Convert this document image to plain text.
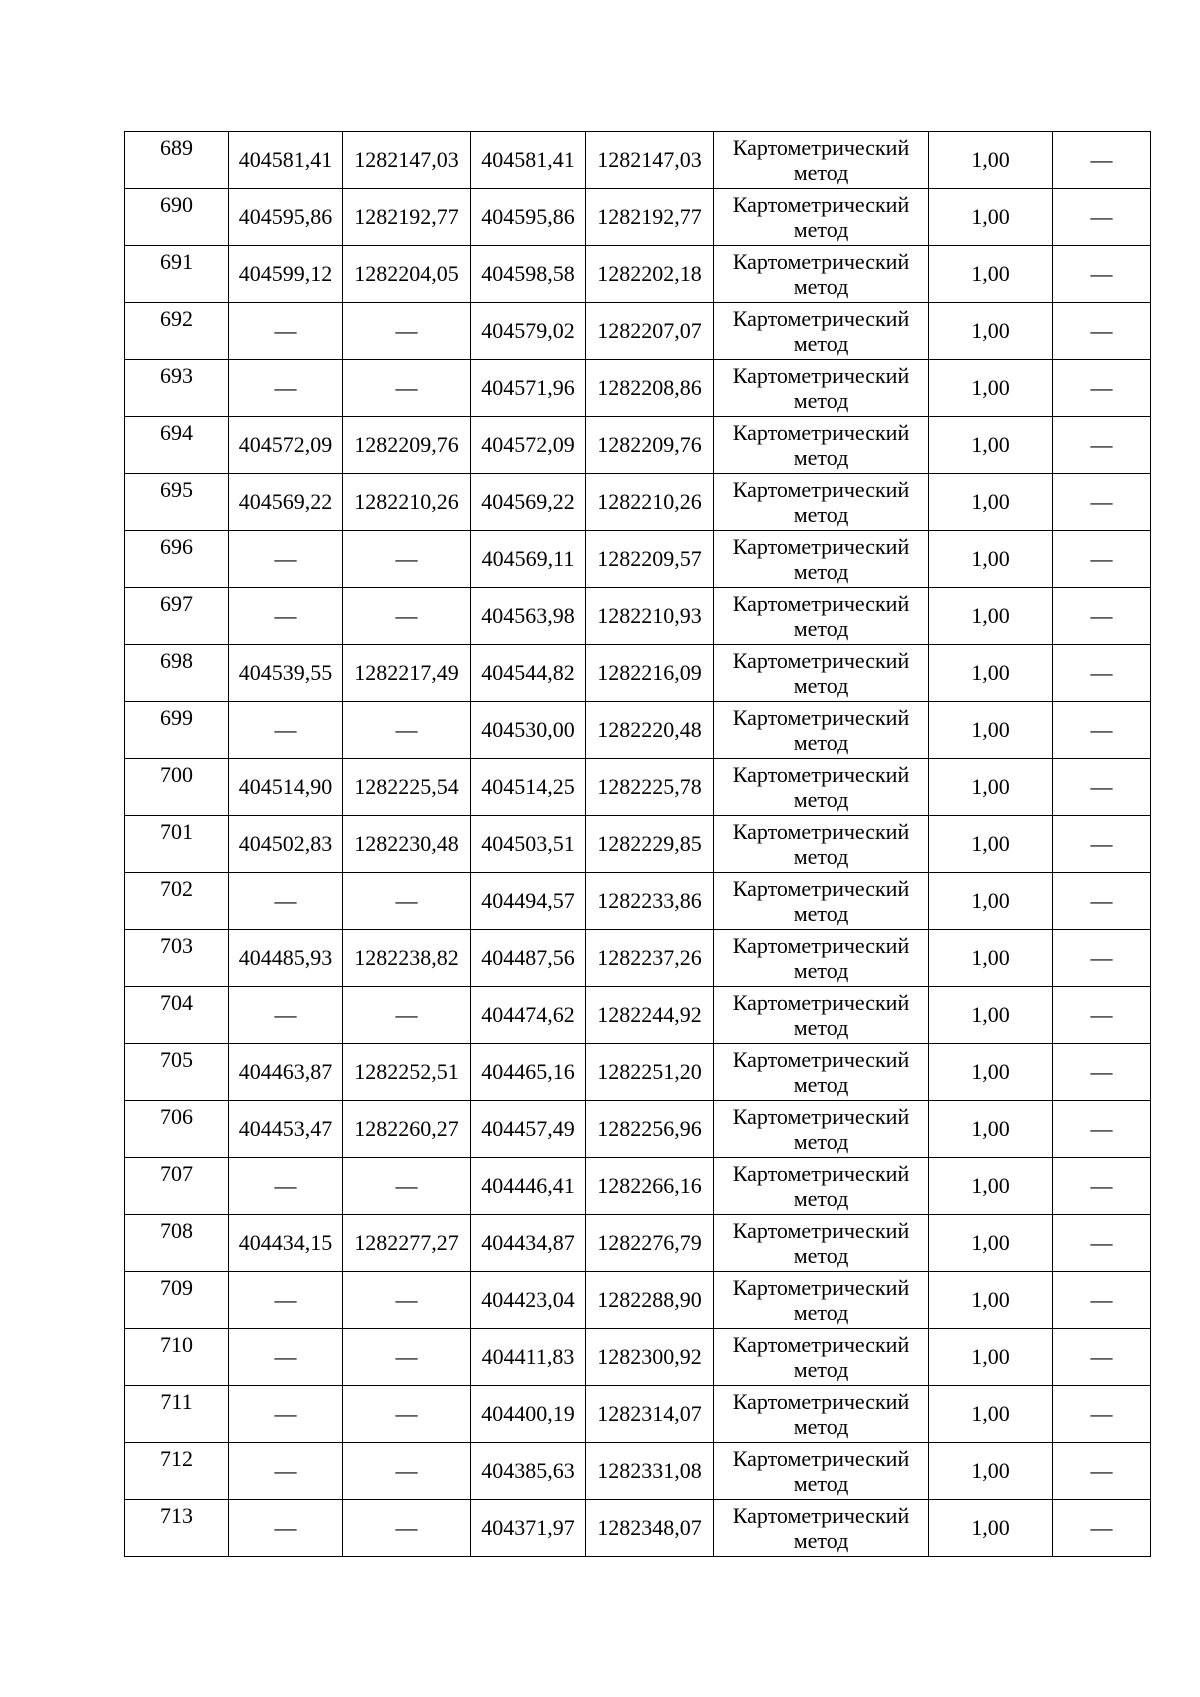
689	404581,41	1282147,03	404581,41	1282147,03	Картометрический
метод	1,00	—
690	404595,86	1282192,77	404595,86	1282192,77	Картометрический
метод	1,00	—
691	404599,12	1282204,05	404598,58	1282202,18	Картометрический
метод	1,00	—
692	—	—	404579,02	1282207,07	Картометрический
метод	1,00	—
693	—	—	404571,96	1282208,86	Картометрический
метод	1,00	—
694	404572,09	1282209,76	404572,09	1282209,76	Картометрический
метод	1,00	—
695	404569,22	1282210,26	404569,22	1282210,26	Картометрический
метод	1,00	—
696	—	—	404569,11	1282209,57	Картометрический
метод	1,00	—
697	—	—	404563,98	1282210,93	Картометрический
метод	1,00	—
698	404539,55	1282217,49	404544,82	1282216,09	Картометрический
метод	1,00	—
699	—	—	404530,00	1282220,48	Картометрический
метод	1,00	—
700	404514,90	1282225,54	404514,25	1282225,78	Картометрический
метод	1,00	—
701	404502,83	1282230,48	404503,51	1282229,85	Картометрический
метод	1,00	—
702	—	—	404494,57	1282233,86	Картометрический
метод	1,00	—
703	404485,93	1282238,82	404487,56	1282237,26	Картометрический
метод	1,00	—
704	—	—	404474,62	1282244,92	Картометрический
метод	1,00	—
705	404463,87	1282252,51	404465,16	1282251,20	Картометрический
метод	1,00	—
706	404453,47	1282260,27	404457,49	1282256,96	Картометрический
метод	1,00	—
707	—	—	404446,41	1282266,16	Картометрический
метод	1,00	—
708	404434,15	1282277,27	404434,87	1282276,79	Картометрический
метод	1,00	—
709	—	—	404423,04	1282288,90	Картометрический
метод	1,00	—
710	—	—	404411,83	1282300,92	Картометрический
метод	1,00	—
711	—	—	404400,19	1282314,07	Картометрический
метод	1,00	—
712	—	—	404385,63	1282331,08	Картометрический
метод	1,00	—
713	—	—	404371,97	1282348,07	Картометрический
метод	1,00	—
